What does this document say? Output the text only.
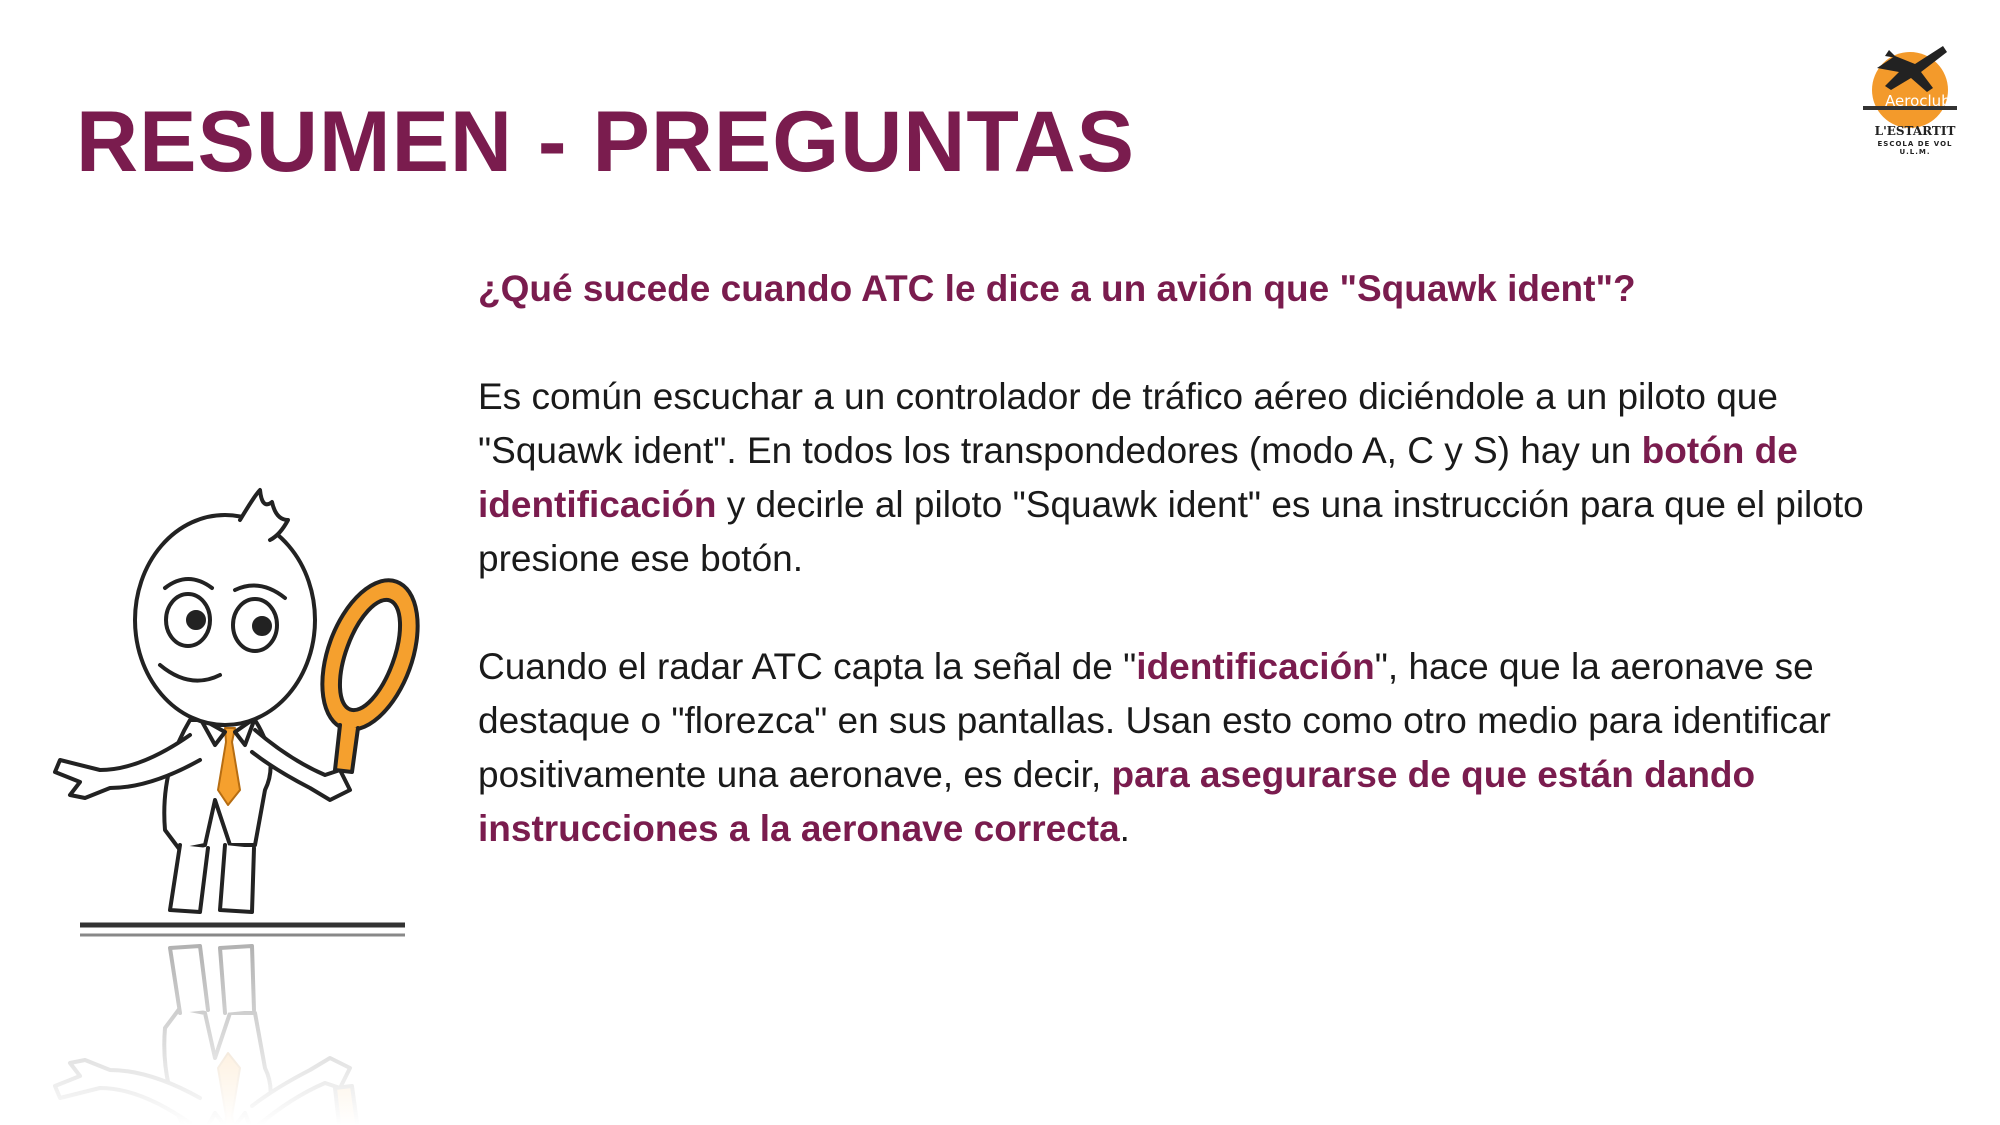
RESUMEN - PREGUNTAS	Aeroclub
L'ESTARTIT
ESCOLA DE VOL U.L.M.

¿Qué sucede cuando ATC le dice a un avión que "Squawk ident"?

Es común escuchar a un controlador de tráfico aéreo diciéndole a un piloto que "Squawk ident". En todos los transpondedores (modo A, C y S) hay un botón de identificación y decirle al piloto "Squawk ident" es una instrucción para que el piloto presione ese botón.

Cuando el radar ATC capta la señal de "identificación", hace que la aeronave se destaque o "florezca" en sus pantallas. Usan esto como otro medio para identificar positivamente una aeronave, es decir, para asegurarse de que están dando instrucciones a la aeronave correcta.
